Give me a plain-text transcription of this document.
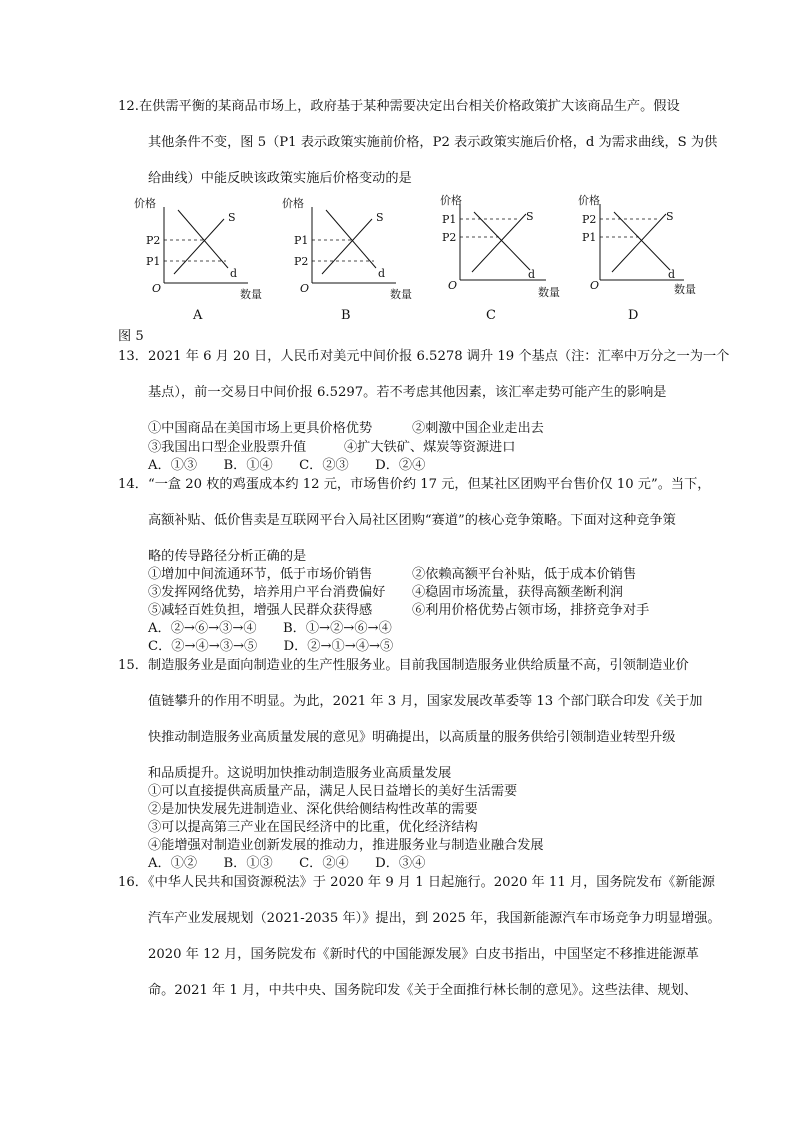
12.在供需平衡的某商品市场上，政府基于某种需要决定出台相关价格政策扩大该商品生产。假设
其他条件不变，图 5（P1 表示政策实施前价格，P2 表示政策实施后价格，d 为需求曲线，S 为供
给曲线）中能反映该政策实施后价格变动的是
价格
O	数量
P2
P1
S
d
价格
O	数量
P1
P2
S
d
价格
O
数量
P1
P2
S
d
价格
O	数量
P2
P1
S
d
A	B	C	D
图 5
13．2021 年 6 月 20 日，人民币对美元中间价报 6.5278 调升 19 个基点（注：汇率中万分之一为一个
基点），前一交易日中间价报 6.5297。若不考虑其他因素，该汇率走势可能产生的影响是
①中国商品在美国市场上更具价格优势	②刺激中国企业走出去
③我国出口型企业股票升值	④扩大铁矿、煤炭等资源进口
A．①③　　B．①④　　C．②③　　D．②④
14．“一盒 20 枚的鸡蛋成本约 12 元，市场售价约 17 元，但某社区团购平台售价仅 10 元”。当下，
高额补贴、低价售卖是互联网平台入局社区团购“赛道”的核心竞争策略。下面对这种竞争策
略的传导路径分析正确的是
①增加中间流通环节，低于市场价销售	②依赖高额平台补贴，低于成本价销售
③发挥网络优势，培养用户平台消费偏好 ④稳固市场流量，获得高额垄断利润
⑤减轻百姓负担，增强人民群众获得感	⑥利用价格优势占领市场，排挤竞争对手
A．②→⑥→③→④　　B．①→②→⑥→④
C．②→④→③→⑤　　D．②→①→④→⑤
15．制造服务业是面向制造业的生产性服务业。目前我国制造服务业供给质量不高，引领制造业价
值链攀升的作用不明显。为此，2021 年 3 月，国家发展改革委等 13 个部门联合印发《关于加
快推动制造服务业高质量发展的意见》明确提出，以高质量的服务供给引领制造业转型升级
和品质提升。这说明加快推动制造服务业高质量发展
①可以直接提供高质量产品，满足人民日益增长的美好生活需要
②是加快发展先进制造业、深化供给侧结构性改革的需要
③可以提高第三产业在国民经济中的比重，优化经济结构
④能增强对制造业创新发展的推动力，推进服务业与制造业融合发展
A．①②　　B．①③　　C．②④　　D．③④
16．《中华人民共和国资源税法》于 2020 年 9 月 1 日起施行。2020 年 11 月，国务院发布《新能源
汽车产业发展规划（2021-2035 年）》提出，到 2025 年，我国新能源汽车市场竞争力明显增强。
2020 年 12 月，国务院发布《新时代的中国能源发展》白皮书指出，中国坚定不移推进能源革
命。2021 年 1 月，中共中央、国务院印发《关于全面推行林长制的意见》。这些法律、规划、
